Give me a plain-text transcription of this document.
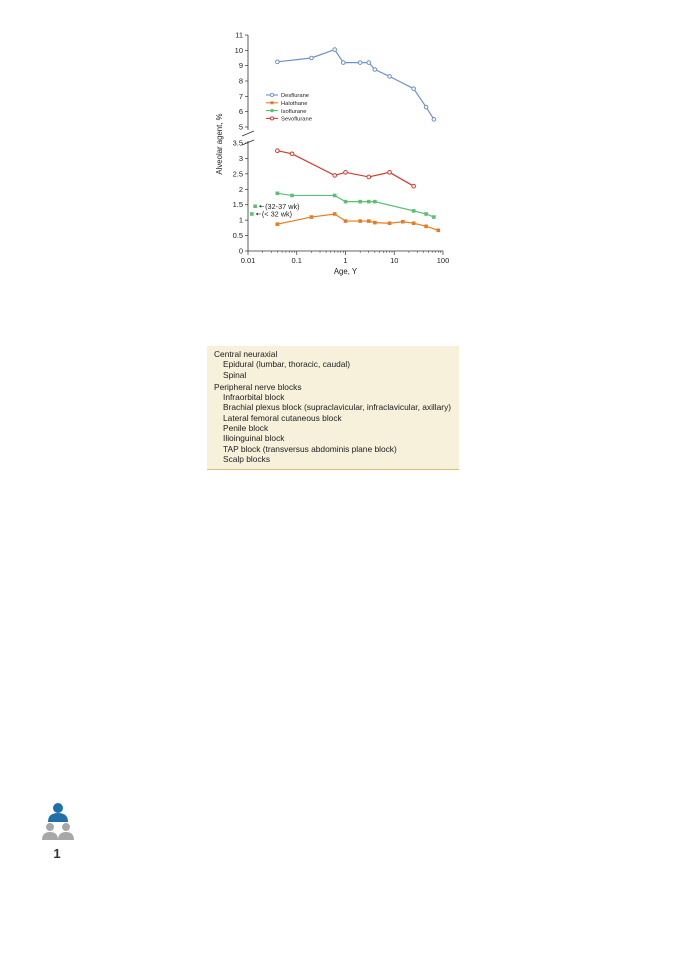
5
6
7
8
9
10
11
0
0.5
1
1.5
2
2.5
3
3.5
0.01	0.1	1	10	100
Age, Y
Alveolar agent, %
(32-37 wk)
(< 32 wk)
Desflurane
Halothane
Isoflurane
Sevoflurane
Central neuraxial
Epidural (lumbar, thoracic, caudal)
Spinal
Peripheral nerve blocks
Infraorbital block
Brachial plexus block (supraclavicular, infraclavicular, axillary)
Lateral femoral cutaneous block
Penile block
Ilioinguinal block
TAP block (transversus abdominis plane block)
Scalp blocks
1
